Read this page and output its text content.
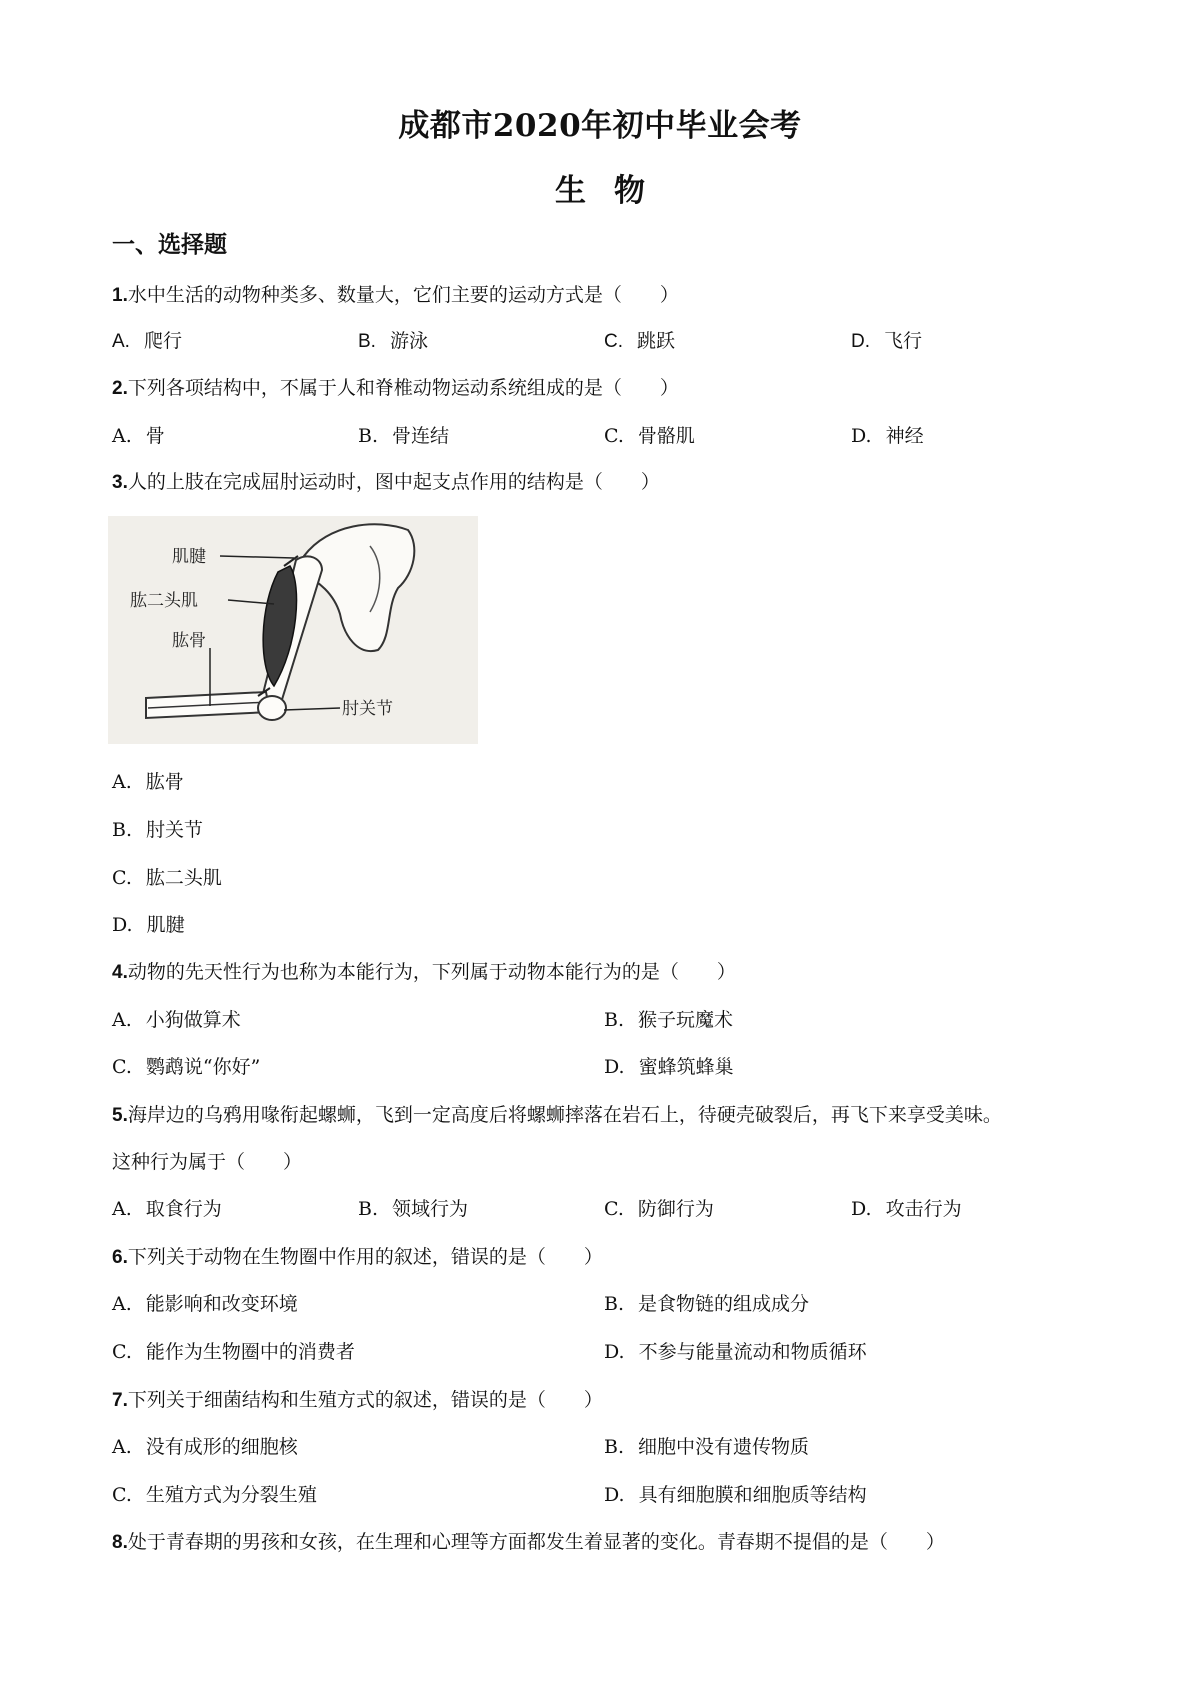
成都市2020年初中毕业会考
生物
一、选择题
1.水中生活的动物种类多、数量大，它们主要的运动方式是（　　）
A. 爬行	B. 游泳	C. 跳跃	D. 飞行
2.下列各项结构中，不属于人和脊椎动物运动系统组成的是（　　）
A. 骨	B. 骨连结	C. 骨骼肌	D. 神经
3.人的上肢在完成屈肘运动时，图中起支点作用的结构是（　　）
肌腱
肱二头肌
肱骨
肘关节
A. 肱骨
B. 肘关节
C. 肱二头肌
D. 肌腱
4.动物的先天性行为也称为本能行为，下列属于动物本能行为的是（　　）
A. 小狗做算术	B. 猴子玩魔术
C. 鹦鹉说“你好”	D. 蜜蜂筑蜂巢
5.海岸边的乌鸦用喙衔起螺蛳，飞到一定高度后将螺蛳摔落在岩石上，待硬壳破裂后，再飞下来享受美味。
这种行为属于（　　）
A. 取食行为	B. 领域行为	C. 防御行为	D. 攻击行为
6.下列关于动物在生物圈中作用的叙述，错误的是（　　）
A. 能影响和改变环境	B. 是食物链的组成成分
C. 能作为生物圈中的消费者	D. 不参与能量流动和物质循环
7.下列关于细菌结构和生殖方式的叙述，错误的是（　　）
A. 没有成形的细胞核	B. 细胞中没有遗传物质
C. 生殖方式为分裂生殖	D. 具有细胞膜和细胞质等结构
8.处于青春期的男孩和女孩，在生理和心理等方面都发生着显著的变化。青春期不提倡的是（　　）
